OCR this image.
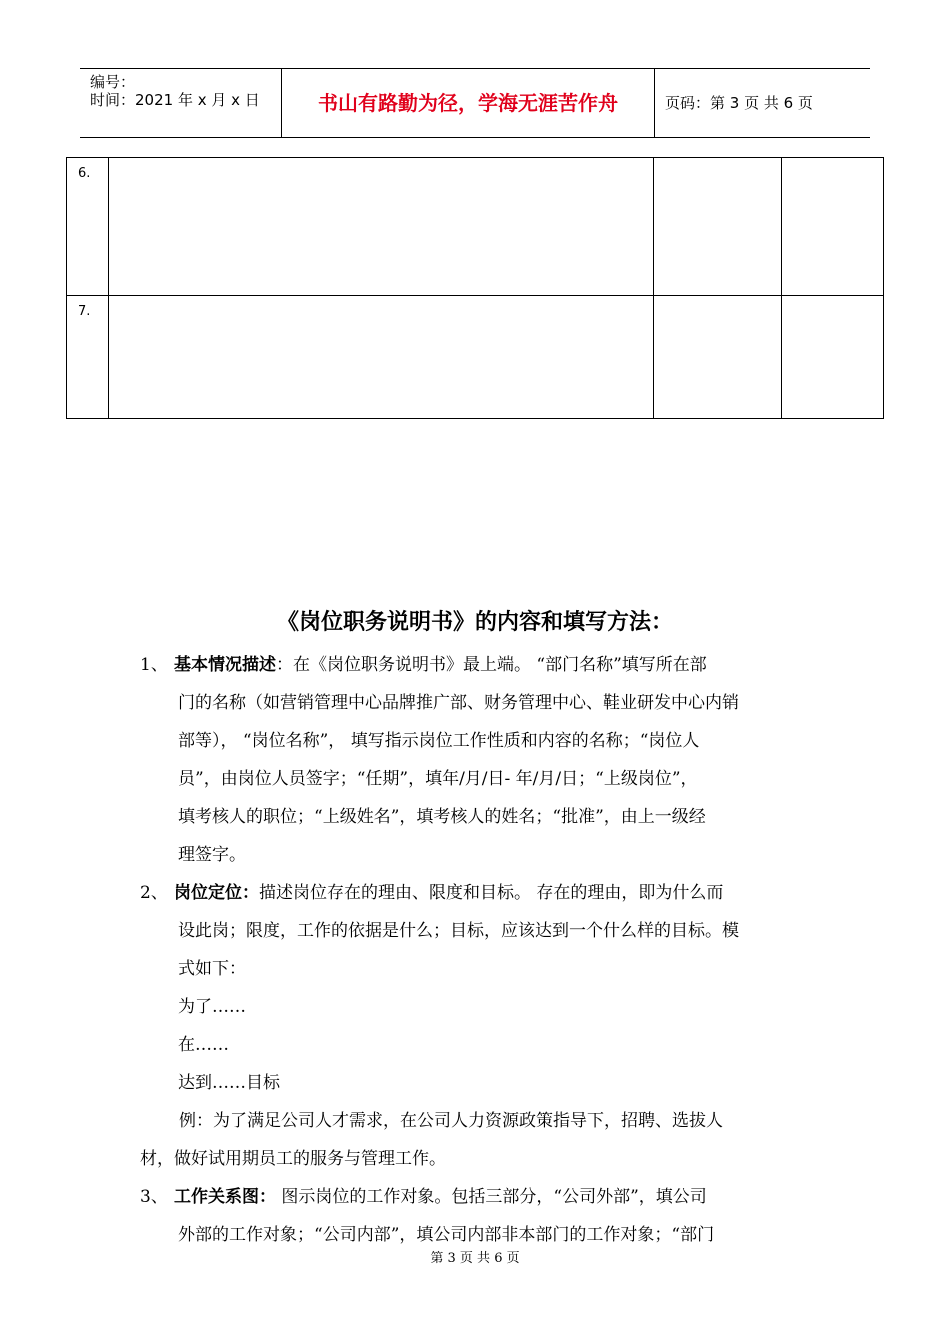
编号：
时间：2021 年 x 月 x 日	书山有路勤为径，学海无涯苦作舟	页码：第 3 页 共 6 页
6.			
7.			
《岗位职务说明书》的内容和填写方法：
1、 基本情况描述：在《岗位职务说明书》最上端。 “部门名称”填写所在部
门的名称（如营销管理中心品牌推广部、财务管理中心、鞋业研发中心内销
部等）， “岗位名称”， 填写指示岗位工作性质和内容的名称；“岗位人
员”，由岗位人员签字；“任期”，填年/月/日- 年/月/日；“上级岗位”，
填考核人的职位；“上级姓名”，填考核人的姓名；“批准”，由上一级经
理签字。
2、 岗位定位：描述岗位存在的理由、限度和目标。 存在的理由，即为什么而
设此岗；限度，工作的依据是什么；目标，应该达到一个什么样的目标。模
式如下：
为了……
在……
达到……目标
例：为了满足公司人才需求，在公司人力资源政策指导下，招聘、选拔人
材，做好试用期员工的服务与管理工作。
3、 工作关系图： 图示岗位的工作对象。包括三部分，“公司外部”，填公司
外部的工作对象；“公司内部”，填公司内部非本部门的工作对象；“部门
第 3 页 共 6 页
